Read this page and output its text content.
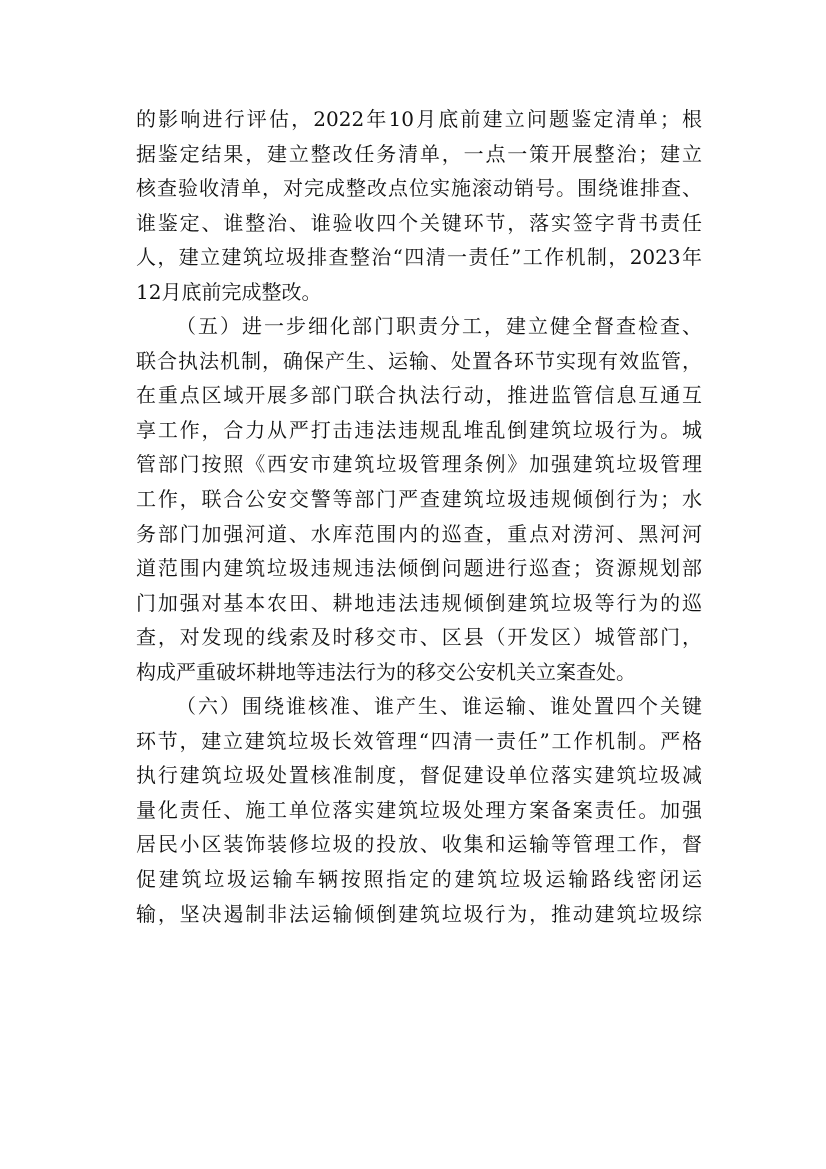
的影响进行评估，2022年10月底前建立问题鉴定清单；根
据鉴定结果，建立整改任务清单，一点一策开展整治；建立
核查验收清单，对完成整改点位实施滚动销号。围绕谁排查、
谁鉴定、谁整治、谁验收四个关键环节，落实签字背书责任
人，建立建筑垃圾排查整治“四清一责任”工作机制，2023年
12月底前完成整改。
（五）进一步细化部门职责分工，建立健全督查检查、
联合执法机制，确保产生、运输、处置各环节实现有效监管，
在重点区域开展多部门联合执法行动，推进监管信息互通互
享工作，合力从严打击违法违规乱堆乱倒建筑垃圾行为。城
管部门按照《西安市建筑垃圾管理条例》加强建筑垃圾管理
工作，联合公安交警等部门严查建筑垃圾违规倾倒行为；水
务部门加强河道、水库范围内的巡查，重点对涝河、黑河河
道范围内建筑垃圾违规违法倾倒问题进行巡查；资源规划部
门加强对基本农田、耕地违法违规倾倒建筑垃圾等行为的巡
查，对发现的线索及时移交市、区县（开发区）城管部门，
构成严重破坏耕地等违法行为的移交公安机关立案查处。
（六）围绕谁核准、谁产生、谁运输、谁处置四个关键
环节，建立建筑垃圾长效管理“四清一责任”工作机制。严格
执行建筑垃圾处置核准制度，督促建设单位落实建筑垃圾减
量化责任、施工单位落实建筑垃圾处理方案备案责任。加强
居民小区装饰装修垃圾的投放、收集和运输等管理工作，督
促建筑垃圾运输车辆按照指定的建筑垃圾运输路线密闭运
输，坚决遏制非法运输倾倒建筑垃圾行为，推动建筑垃圾综
